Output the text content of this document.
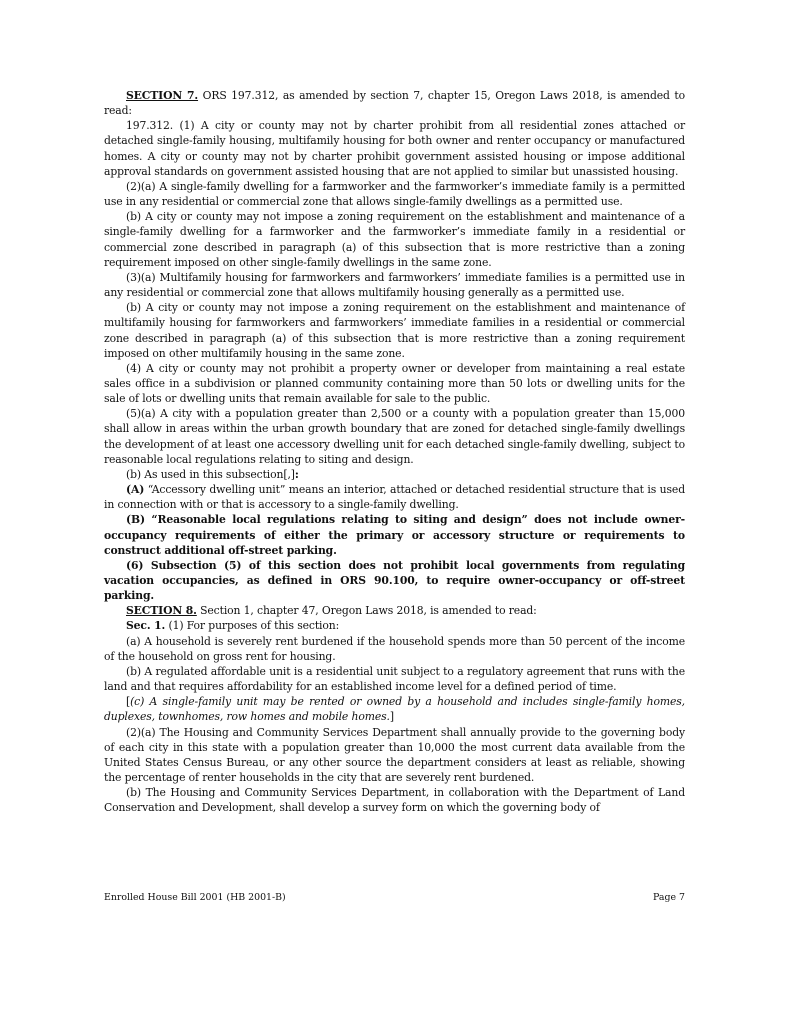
SECTION 7. ORS 197.312, as amended by section 7, chapter 15, Oregon Laws 2018, is amended to read:

197.312. (1) A city or county may not by charter prohibit from all residential zones attached or detached single-family housing, multifamily housing for both owner and renter occupancy or manufactured homes. A city or county may not by charter prohibit government assisted housing or impose additional approval standards on government assisted housing that are not applied to similar but unassisted housing.

(2)(a) A single-family dwelling for a farmworker and the farmworker’s immediate family is a permitted use in any residential or commercial zone that allows single-family dwellings as a permitted use.

(b) A city or county may not impose a zoning requirement on the establishment and maintenance of a single-family dwelling for a farmworker and the farmworker’s immediate family in a residential or commercial zone described in paragraph (a) of this subsection that is more restrictive than a zoning requirement imposed on other single-family dwellings in the same zone.

(3)(a) Multifamily housing for farmworkers and farmworkers’ immediate families is a permitted use in any residential or commercial zone that allows multifamily housing generally as a permitted use.

(b) A city or county may not impose a zoning requirement on the establishment and maintenance of multifamily housing for farmworkers and farmworkers’ immediate families in a residential or commercial zone described in paragraph (a) of this subsection that is more restrictive than a zoning requirement imposed on other multifamily housing in the same zone.

(4) A city or county may not prohibit a property owner or developer from maintaining a real estate sales office in a subdivision or planned community containing more than 50 lots or dwelling units for the sale of lots or dwelling units that remain available for sale to the public.

(5)(a) A city with a population greater than 2,500 or a county with a population greater than 15,000 shall allow in areas within the urban growth boundary that are zoned for detached single-family dwellings the development of at least one accessory dwelling unit for each detached single-family dwelling, subject to reasonable local regulations relating to siting and design.

(b) As used in this subsection[,]:

(A) “Accessory dwelling unit” means an interior, attached or detached residential structure that is used in connection with or that is accessory to a single-family dwelling.

(B) “Reasonable local regulations relating to siting and design” does not include owner-occupancy requirements of either the primary or accessory structure or requirements to construct additional off-street parking.

(6) Subsection (5) of this section does not prohibit local governments from regulating vacation occupancies, as defined in ORS 90.100, to require owner-occupancy or off-street parking.

SECTION 8. Section 1, chapter 47, Oregon Laws 2018, is amended to read:

Sec. 1. (1) For purposes of this section:

(a) A household is severely rent burdened if the household spends more than 50 percent of the income of the household on gross rent for housing.

(b) A regulated affordable unit is a residential unit subject to a regulatory agreement that runs with the land and that requires affordability for an established income level for a defined period of time.

[(c) A single-family unit may be rented or owned by a household and includes single-family homes, duplexes, townhomes, row homes and mobile homes.]

(2)(a) The Housing and Community Services Department shall annually provide to the governing body of each city in this state with a population greater than 10,000 the most current data available from the United States Census Bureau, or any other source the department considers at least as reliable, showing the percentage of renter households in the city that are severely rent burdened.

(b) The Housing and Community Services Department, in collaboration with the Department of Land Conservation and Development, shall develop a survey form on which the governing body of

Enrolled House Bill 2001 (HB 2001-B)	Page 7
